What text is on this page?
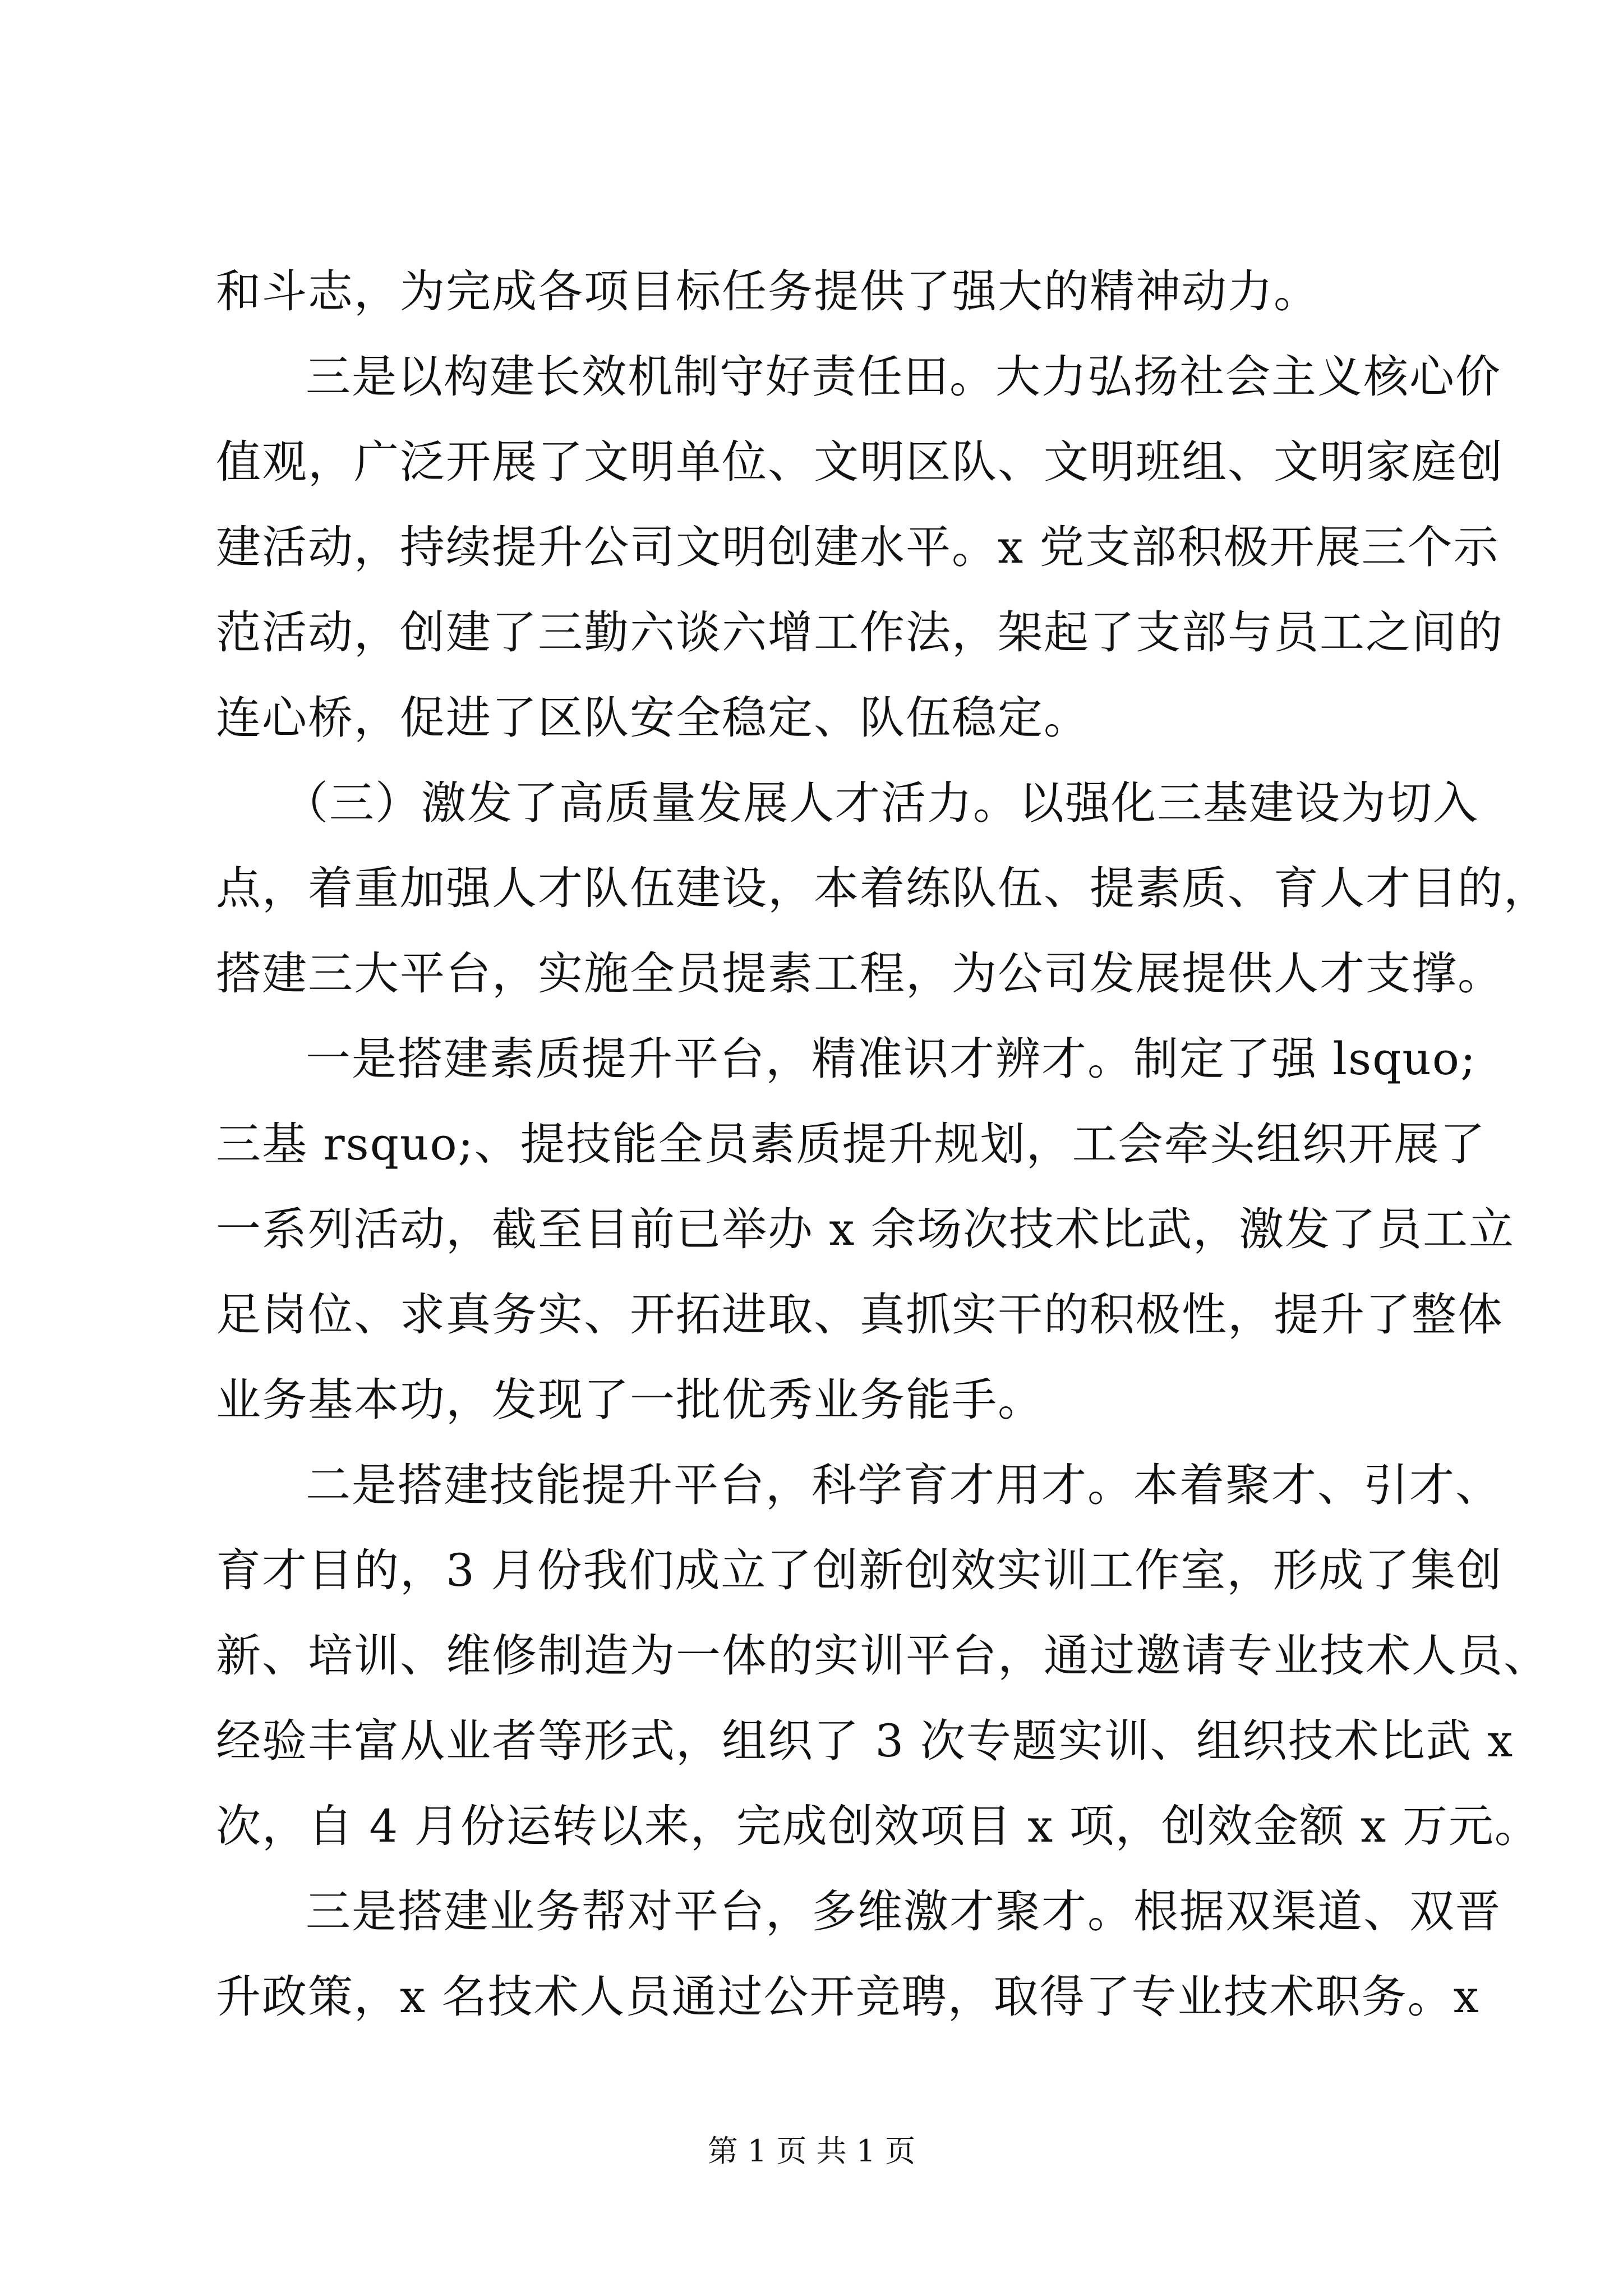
和斗志，为完成各项目标任务提供了强大的精神动力。
三是以构建长效机制守好责任田。大力弘扬社会主义核心价
值观，广泛开展了文明单位、文明区队、文明班组、文明家庭创
建活动，持续提升公司文明创建水平。x 党支部积极开展三个示
范活动，创建了三勤六谈六增工作法，架起了支部与员工之间的
连心桥，促进了区队安全稳定、队伍稳定。
（三）激发了高质量发展人才活力。以强化三基建设为切入
点，着重加强人才队伍建设，本着练队伍、提素质、育人才目的，
搭建三大平台，实施全员提素工程，为公司发展提供人才支撑。
一是搭建素质提升平台，精准识才辨才。制定了强 lsquo;
三基 rsquo;、提技能全员素质提升规划，工会牵头组织开展了
一系列活动，截至目前已举办 x 余场次技术比武，激发了员工立
足岗位、求真务实、开拓进取、真抓实干的积极性，提升了整体
业务基本功，发现了一批优秀业务能手。
二是搭建技能提升平台，科学育才用才。本着聚才、引才、
育才目的，3 月份我们成立了创新创效实训工作室，形成了集创
新、培训、维修制造为一体的实训平台，通过邀请专业技术人员、
经验丰富从业者等形式，组织了 3 次专题实训、组织技术比武 x
次，自 4 月份运转以来，完成创效项目 x 项，创效金额 x 万元。
三是搭建业务帮对平台，多维激才聚才。根据双渠道、双晋
升政策，x 名技术人员通过公开竞聘，取得了专业技术职务。x
第 1 页 共 1 页
